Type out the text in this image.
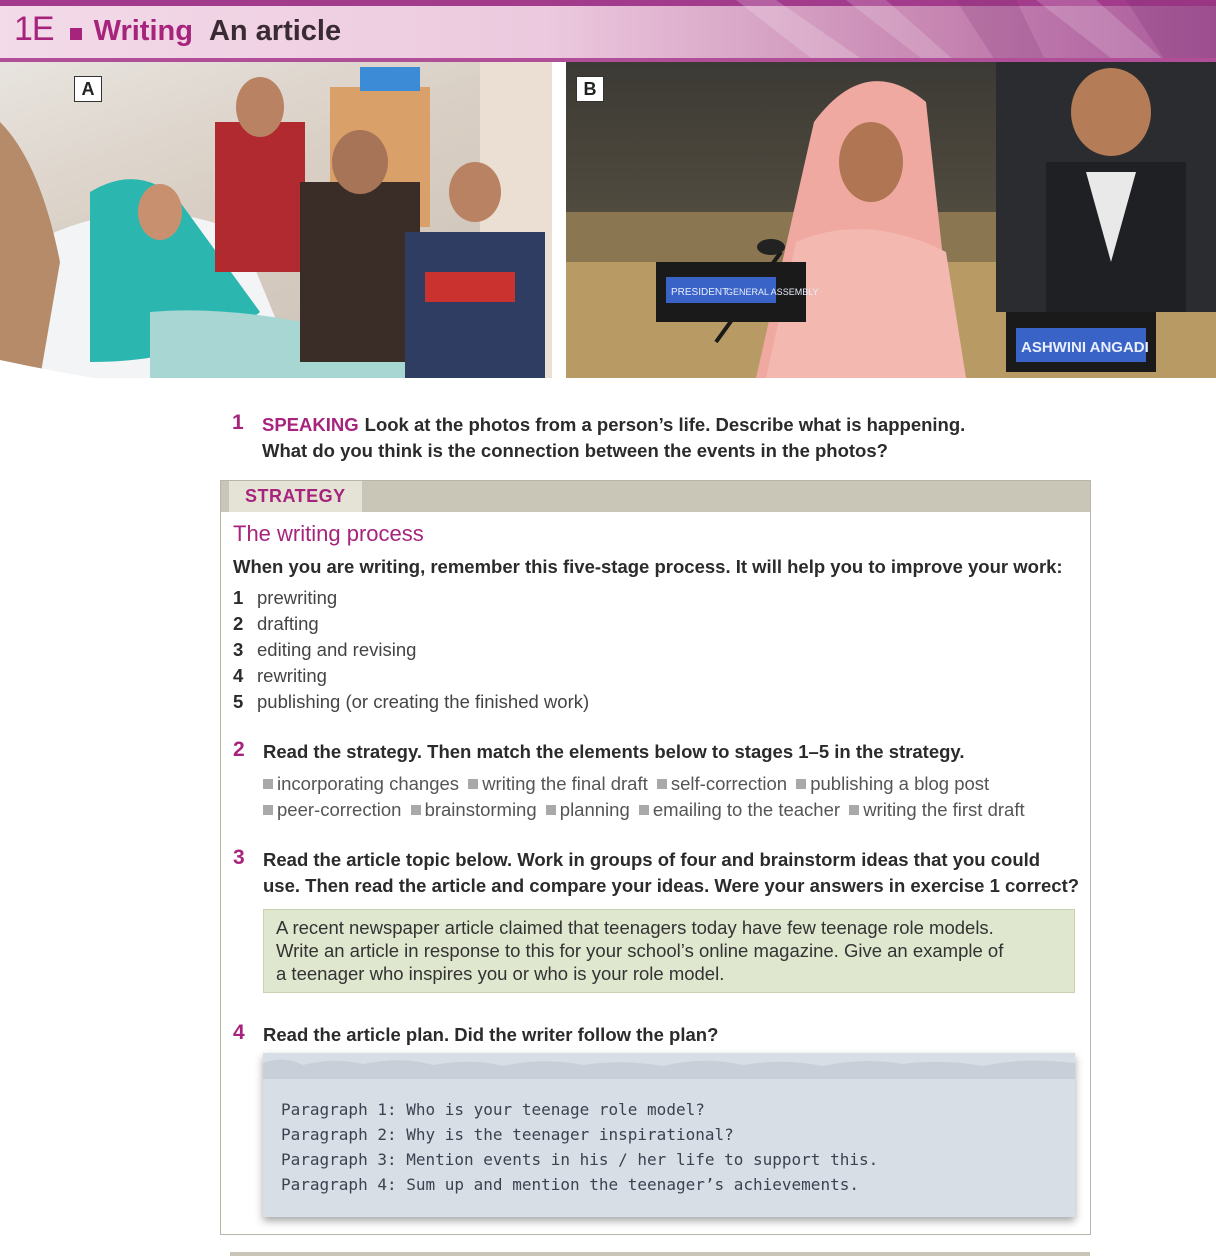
1E Writing An article
A
PRESIDENT
GENERAL ASSEMBLY
ASHWINI ANGADI
B
1 SPEAKING Look at the photos from a person’s life. Describe what is happening.
What do you think is the connection between the events in the photos?
STRATEGY
The writing process
When you are writing, remember this five-stage process. It will help you to improve your work:
1 prewriting
2 drafting
3 editing and revising
4 rewriting
5 publishing (or creating the finished work)
2 Read the strategy. Then match the elements below to stages 1–5 in the strategy.
incorporating changes writing the final draft self-correction publishing a blog post
peer-correction brainstorming planning emailing to the teacher writing the first draft
3 Read the article topic below. Work in groups of four and brainstorm ideas that you could
use. Then read the article and compare your ideas. Were your answers in exercise 1 correct?
A recent newspaper article claimed that teenagers today have few teenage role models.
Write an article in response to this for your school’s online magazine. Give an example of
a teenager who inspires you or who is your role model.
4 Read the article plan. Did the writer follow the plan?
Paragraph 1: Who is your teenage role model?
Paragraph 2: Why is the teenager inspirational?
Paragraph 3: Mention events in his / her life to support this.
Paragraph 4: Sum up and mention the teenager’s achievements.
